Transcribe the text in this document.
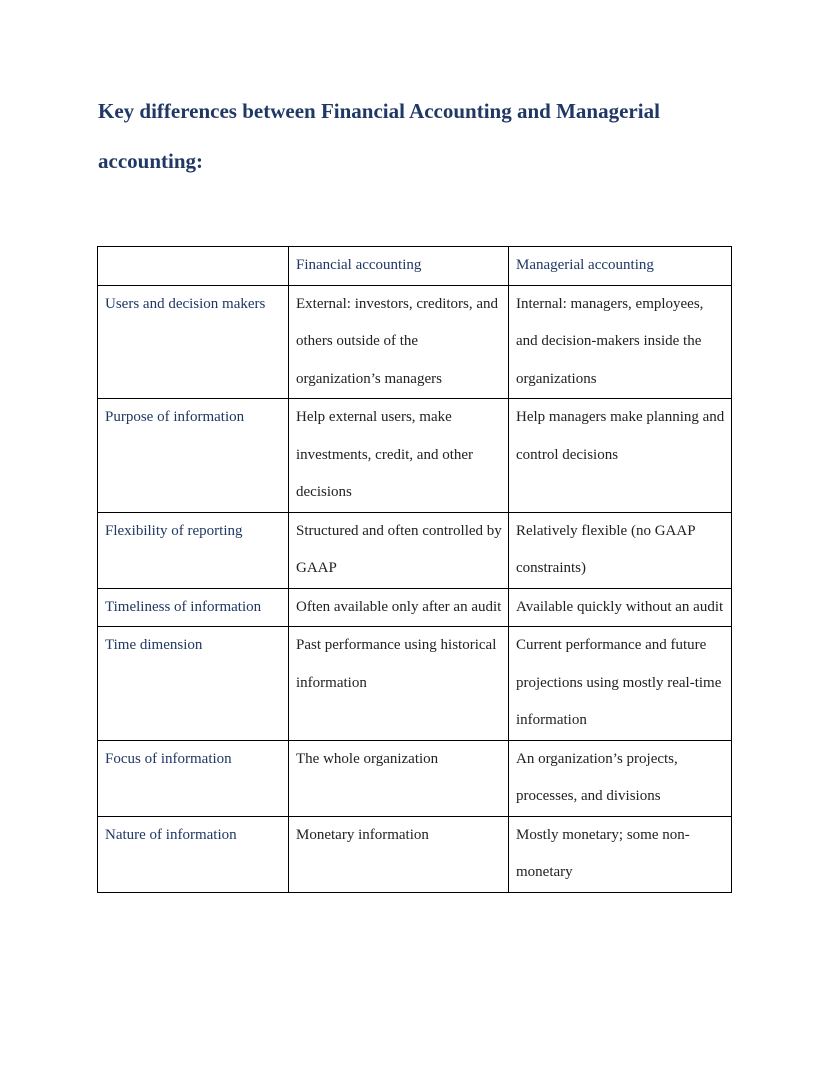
Key differences between Financial Accounting and Managerial accounting:
	Financial accounting	Managerial accounting
Users and decision makers	External: investors, creditors, and others outside of the organization’s managers	Internal: managers, employees, and decision-makers inside the organizations
Purpose of information	Help external users, make investments, credit, and other decisions	Help managers make planning and control decisions
Flexibility of reporting	Structured and often controlled by GAAP	Relatively flexible (no GAAP constraints)
Timeliness of information	Often available only after an audit	Available quickly without an audit
Time dimension	Past performance using historical information	Current performance and future projections using mostly real-time information
Focus of information	The whole organization	An organization’s projects, processes, and divisions
Nature of information	Monetary information	Mostly monetary; some non-monetary
